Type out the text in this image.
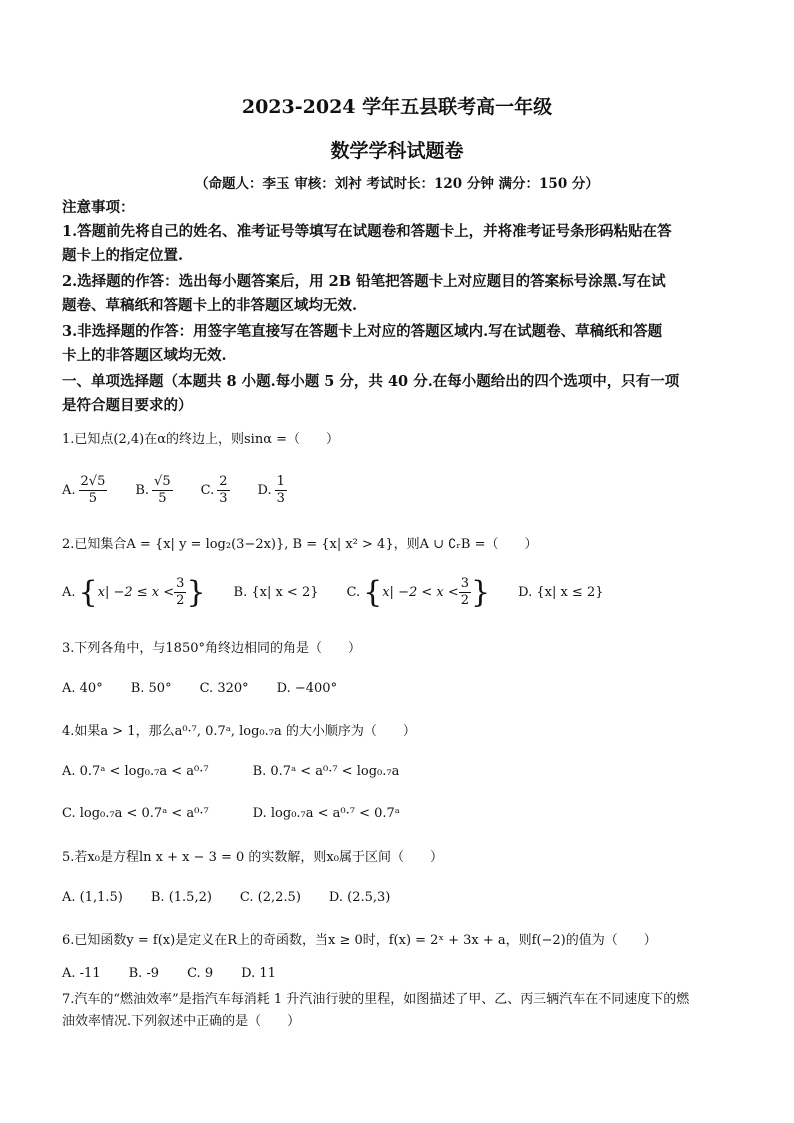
2023-2024 学年五县联考高一年级
数学学科试题卷
（命题人：李玉 审核：刘衬 考试时长：120 分钟 满分：150 分）
注意事项：
1.答题前先将自己的姓名、准考证号等填写在试题卷和答题卡上，并将准考证号条形码粘贴在答
题卡上的指定位置.
2.选择题的作答：选出每小题答案后，用 2B 铅笔把答题卡上对应题目的答案标号涂黑.写在试
题卷、草稿纸和答题卡上的非答题区域均无效.
3.非选择题的作答：用签字笔直接写在答题卡上对应的答题区域内.写在试题卷、草稿纸和答题
卡上的非答题区域均无效.
一、单项选择题（本题共 8 小题.每小题 5 分，共 40 分.在每小题给出的四个选项中，只有一项
是符合题目要求的）
1.已知点(2,4)在α的终边上，则sinα =（　　）
A. $\frac{2√5}{5} B$. $\frac{√5}{5} C$. $\frac{2}{3} D$. $\frac{1}{3}$
2.已知集合A = {x| y = log₂(3−2x)}, B = {x| x² > 4}，则A ∪ ∁ᵣB =（　　）
A. { $x| -2 \le x < \frac{3}{2}$ } B. {x| x < 2} C. { $x| -2 < x < \frac{3}{2}$ } D. {x| x ≤ 2}
3.下列各角中，与1850°角终边相同的角是（　　）
A. 40° B. 50° C. 320° D. −400°
4.如果a > 1，那么a⁰·⁷, 0.7ᵃ, log₀.₇a 的大小顺序为（　　）
A. 0.7ᵃ < log₀.₇a < a⁰·⁷	B. 0.7ᵃ < a⁰·⁷ < log₀.₇a
C. log₀.₇a < 0.7ᵃ < a⁰·⁷	D. log₀.₇a < a⁰·⁷ < 0.7ᵃ
5.若x₀是方程ln x + x − 3 = 0 的实数解，则x₀属于区间（　　）
A. (1,1.5) B. (1.5,2) C. (2,2.5) D. (2.5,3)
6.已知函数y = f(x)是定义在R上的奇函数，当x ≥ 0时，f(x) = 2ˣ + 3x + a，则f(−2)的值为（　　）
A. -11 B. -9 C. 9 D. 11
7.汽车的“燃油效率”是指汽车每消耗 1 升汽油行驶的里程，如图描述了甲、乙、丙三辆汽车在不同速度下的燃
油效率情况.下列叙述中正确的是（　　）
